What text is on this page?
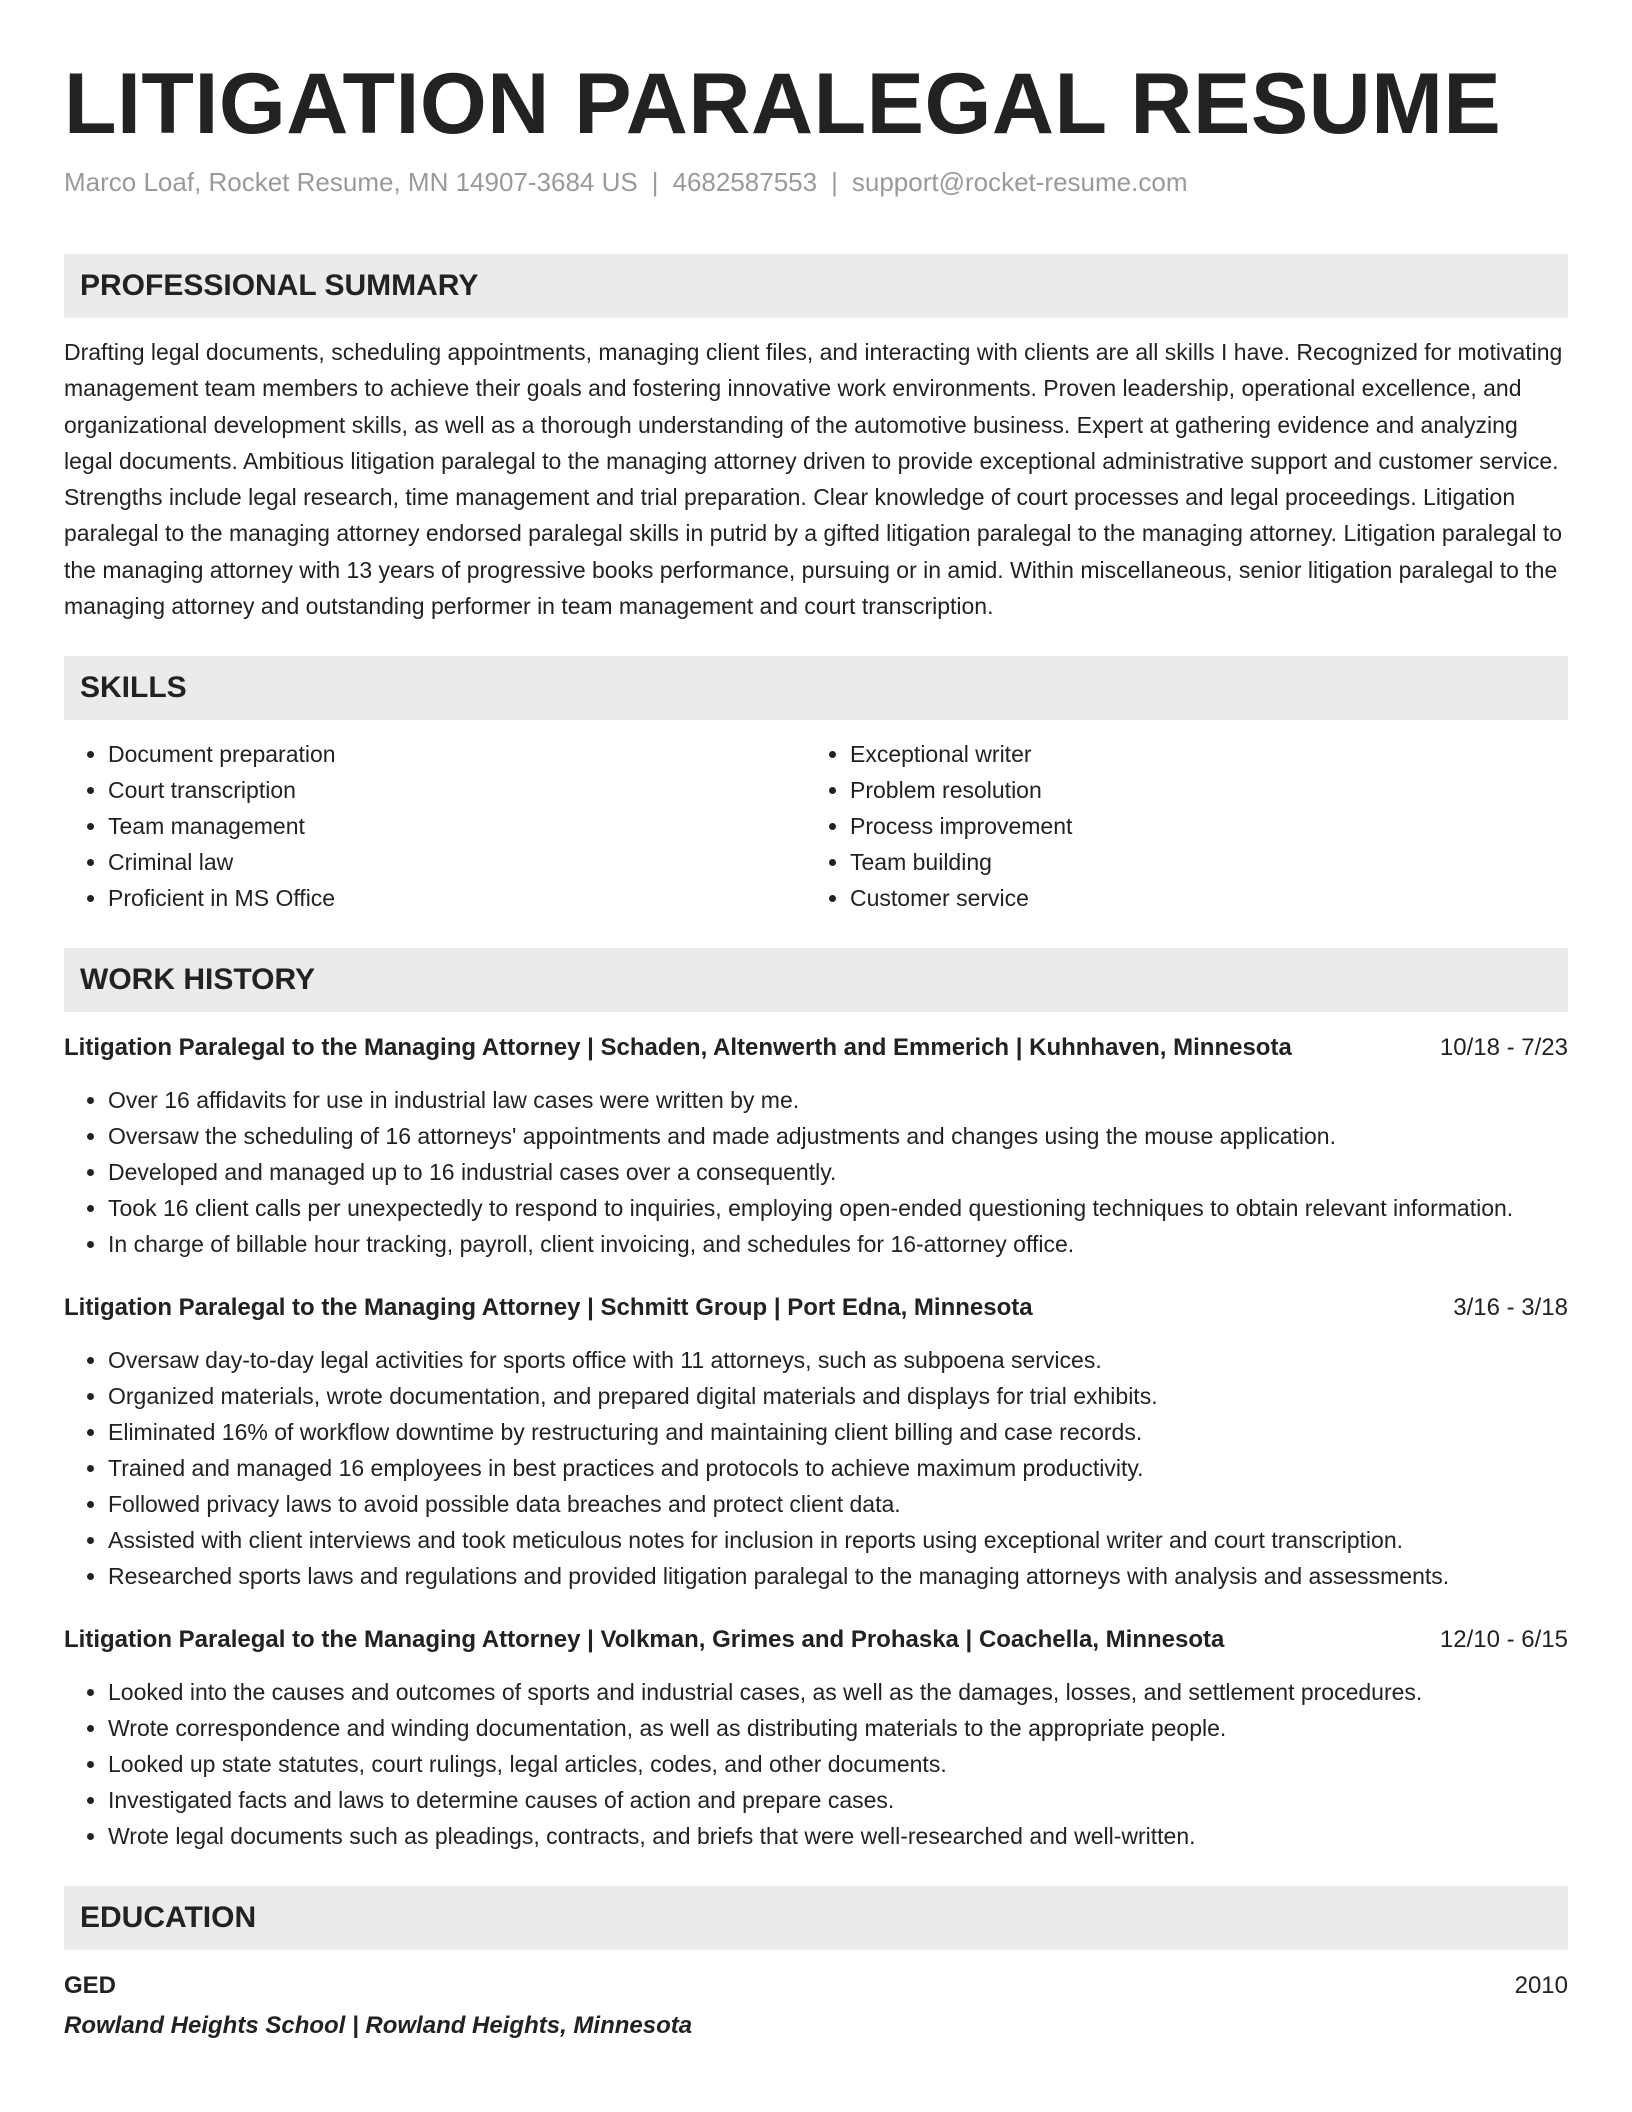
LITIGATION PARALEGAL RESUME
Marco Loaf, Rocket Resume, MN 14907-3684 US | 4682587553 | support@rocket-resume.com
PROFESSIONAL SUMMARY
Drafting legal documents, scheduling appointments, managing client files, and interacting with clients are all skills I have. Recognized for motivating management team members to achieve their goals and fostering innovative work environments. Proven leadership, operational excellence, and organizational development skills, as well as a thorough understanding of the automotive business. Expert at gathering evidence and analyzing legal documents. Ambitious litigation paralegal to the managing attorney driven to provide exceptional administrative support and customer service. Strengths include legal research, time management and trial preparation. Clear knowledge of court processes and legal proceedings. Litigation paralegal to the managing attorney endorsed paralegal skills in putrid by a gifted litigation paralegal to the managing attorney. Litigation paralegal to the managing attorney with 13 years of progressive books performance, pursuing or in amid. Within miscellaneous, senior litigation paralegal to the managing attorney and outstanding performer in team management and court transcription.
SKILLS
• Document preparation
• Court transcription
• Team management
• Criminal law
• Proficient in MS Office
• Exceptional writer
• Problem resolution
• Process improvement
• Team building
• Customer service
WORK HISTORY
Litigation Paralegal to the Managing Attorney | Schaden, Altenwerth and Emmerich | Kuhnhaven, Minnesota	10/18 - 7/23
• Over 16 affidavits for use in industrial law cases were written by me.
• Oversaw the scheduling of 16 attorneys' appointments and made adjustments and changes using the mouse application.
• Developed and managed up to 16 industrial cases over a consequently.
• Took 16 client calls per unexpectedly to respond to inquiries, employing open-ended questioning techniques to obtain relevant information.
• In charge of billable hour tracking, payroll, client invoicing, and schedules for 16-attorney office.
Litigation Paralegal to the Managing Attorney | Schmitt Group | Port Edna, Minnesota	3/16 - 3/18
• Oversaw day-to-day legal activities for sports office with 11 attorneys, such as subpoena services.
• Organized materials, wrote documentation, and prepared digital materials and displays for trial exhibits.
• Eliminated 16% of workflow downtime by restructuring and maintaining client billing and case records.
• Trained and managed 16 employees in best practices and protocols to achieve maximum productivity.
• Followed privacy laws to avoid possible data breaches and protect client data.
• Assisted with client interviews and took meticulous notes for inclusion in reports using exceptional writer and court transcription.
• Researched sports laws and regulations and provided litigation paralegal to the managing attorneys with analysis and assessments.
Litigation Paralegal to the Managing Attorney | Volkman, Grimes and Prohaska | Coachella, Minnesota	12/10 - 6/15
• Looked into the causes and outcomes of sports and industrial cases, as well as the damages, losses, and settlement procedures.
• Wrote correspondence and winding documentation, as well as distributing materials to the appropriate people.
• Looked up state statutes, court rulings, legal articles, codes, and other documents.
• Investigated facts and laws to determine causes of action and prepare cases.
• Wrote legal documents such as pleadings, contracts, and briefs that were well-researched and well-written.
EDUCATION
GED	2010
Rowland Heights School | Rowland Heights, Minnesota
